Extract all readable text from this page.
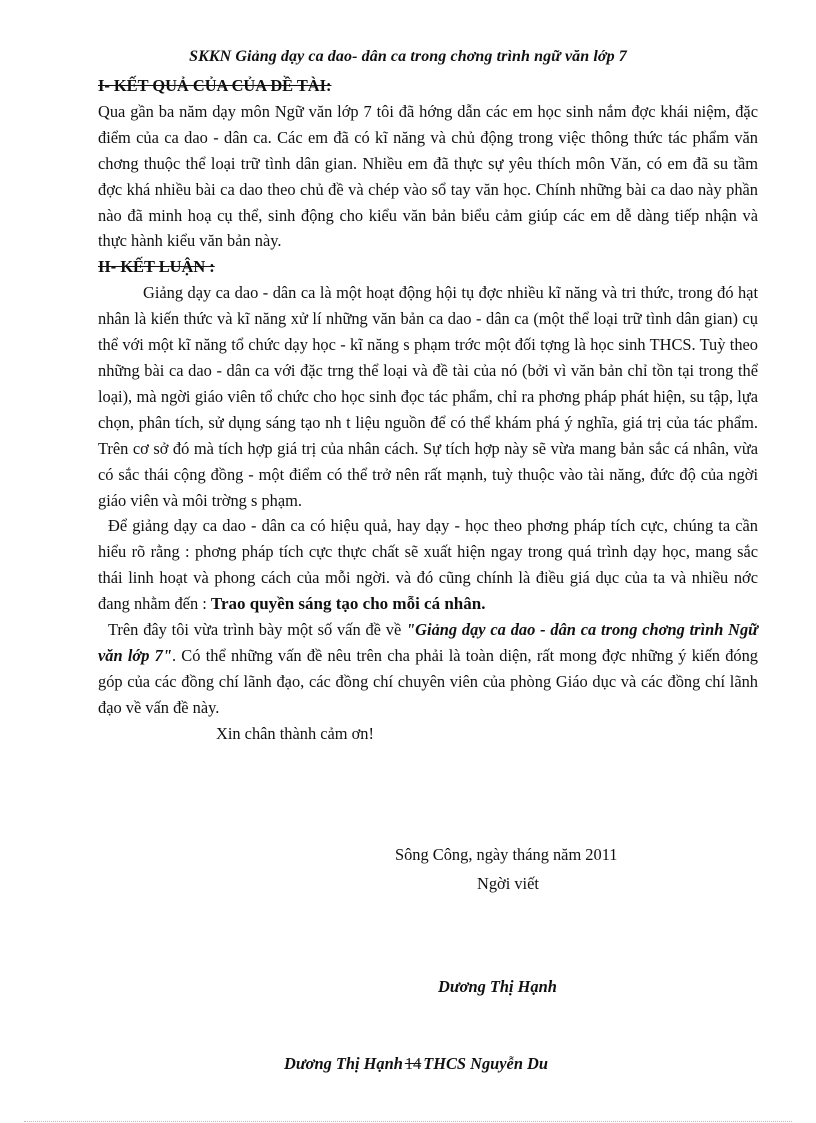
SKKN Giảng dạy ca dao- dân ca trong chơng trình ngữ văn lớp 7
I- KẾT QUẢ CỦA CỦA ĐỀ TÀI:

Qua gần ba năm dạy môn Ngữ văn lớp 7 tôi đã hớng dẫn các em học sinh nắm đợc khái niệm, đặc điểm của ca dao - dân ca. Các em đã có kĩ năng và chủ động trong việc thông thức tác phẩm văn chơng thuộc thể loại trữ tình dân gian. Nhiều em đã thực sự yêu thích môn Văn, có em đã su tầm đợc khá nhiều bài ca dao theo chủ đề và chép vào sổ tay văn học. Chính những bài ca dao này phần nào đã minh hoạ cụ thể, sinh động cho kiểu văn bản biểu cảm giúp các em dễ dàng tiếp nhận và thực hành kiểu văn bản này.

II- KẾT LUẬN :

Giảng dạy ca dao - dân ca là một hoạt động hội tụ đợc nhiều kĩ năng và tri thức, trong đó hạt nhân là kiến thức và kĩ năng xử lí những văn bản ca dao - dân ca (một thể loại trữ tình dân gian) cụ thể với một kĩ năng tổ chức dạy học - kĩ năng s phạm trớc một đối tợng là học sinh THCS. Tuỳ theo những bài ca dao - dân ca với đặc trng thể loại và đề tài của nó (bởi vì văn bản chỉ tồn tại trong thể loại), mà ngời giáo viên tổ chức cho học sinh đọc tác phẩm, chỉ ra phơng pháp phát hiện, su tập, lựa chọn, phân tích, sử dụng sáng tạo nh t liệu nguồn để có thể khám phá ý nghĩa, giá trị của tác phẩm. Trên cơ sở đó mà tích hợp giá trị của nhân cách. Sự tích hợp này sẽ vừa mang bản sắc cá nhân, vừa có sắc thái cộng đồng - một điểm có thể trở nên rất mạnh, tuỳ thuộc vào tài năng, đức độ của ngời giáo viên và môi trờng s phạm.

Để giảng dạy ca dao - dân ca có hiệu quả, hay dạy - học theo phơng pháp tích cực, chúng ta cần hiểu rõ rằng : phơng pháp tích cực thực chất sẽ xuất hiện ngay trong quá trình dạy học, mang sắc thái linh hoạt và phong cách của mỗi ngời. và đó cũng chính là điều giá dục của ta và nhiều nớc đang nhằm đến : Trao quyền sáng tạo cho mỗi cá nhân.

Trên đây tôi vừa trình bày một số vấn đề về "Giảng dạy ca dao - dân ca trong chơng trình Ngữ văn lớp 7". Có thể những vấn đề nêu trên cha phải là toàn diện, rất mong đợc những ý kiến đóng góp của các đồng chí lãnh đạo, các đồng chí chuyên viên của phòng Giáo dục và các đồng chí lãnh đạo về vấn đề này.

Xin chân thành cảm ơn!

Sông Công, ngày tháng năm 2011
Ngời viết
Dương Thị Hạnh
Dương Thị Hạnh 14 THCS Nguyễn Du
